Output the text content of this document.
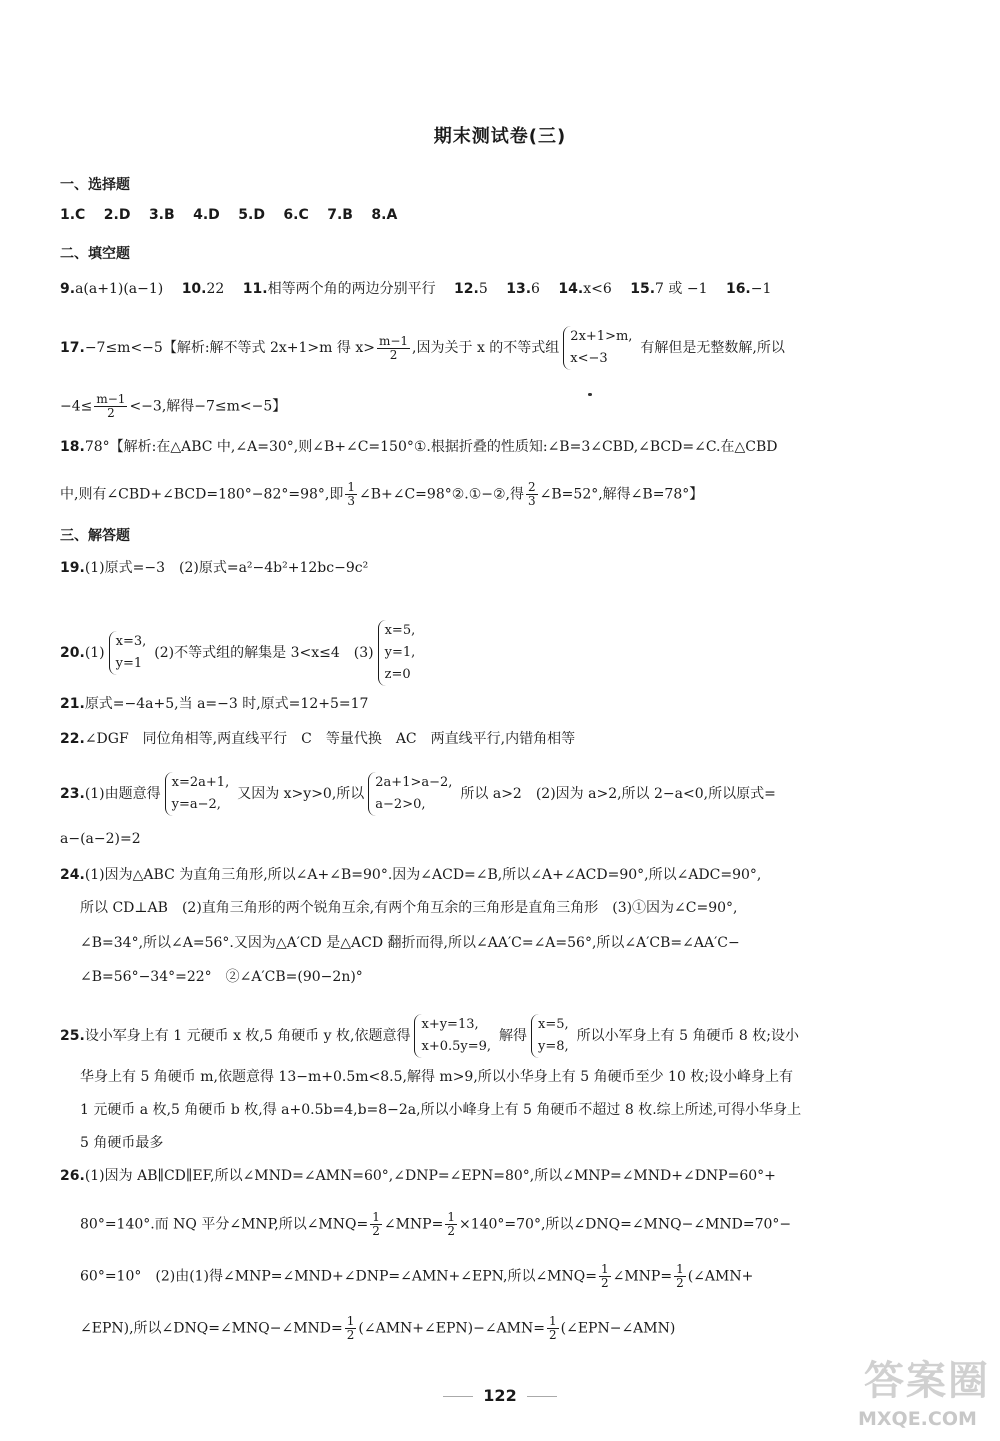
期末测试卷(三)
一、选择题
1.C 2.D 3.B 4.D 5.D 6.C 7.B 8.A
二、填空题
9.a(a+1)(a−1) 10.22 11.相等两个角的两边分别平行 12.5 13.6 14.x<6 15.7 或 −1 16.−1
17.−7≤m<−5【解析:解不等式 2x+1>m 得 $x> \frac{m-1}{2}$ ,因为关于 x 的不等式组
2x+1>m,
x<−3
有解但是无整数解,所以
$-4\le \frac{m-1}{2} <-3$,解得−7≤m<−5】
18.78°【解析:在△ABC 中,∠A=30°,则∠B+∠C=150°①.根据折叠的性质知:∠B=3∠CBD,∠BCD=∠C.在△CBD
中,则有∠CBD+∠BCD=180°−82°=98°,即 $\frac{1}{3}$ ∠B+∠C=98°②.①−②,得 $\frac{2}{3}$ ∠B=52°,解得∠B=78°】
三、解答题
19.(1)原式=−3　(2)原式=a²−4b²+12bc−9c²
20.(1)
x=3,
y=1
(2)不等式组的解集是 3<x≤4　(3)
x=5,
y=1,
z=0
21.原式=−4a+5,当 a=−3 时,原式=12+5=17
22.∠DGF　同位角相等,两直线平行　C　等量代换　AC　两直线平行,内错角相等
23.(1)由题意得
x=2a+1,
y=a−2,
又因为 x>y>0,所以
2a+1>a−2,
a−2>0,
所以 a>2　(2)因为 a>2,所以 2−a<0,所以原式=
a−(a−2)=2
24.(1)因为△ABC 为直角三角形,所以∠A+∠B=90°.因为∠ACD=∠B,所以∠A+∠ACD=90°,所以∠ADC=90°,
所以 CD⊥AB　(2)直角三角形的两个锐角互余,有两个角互余的三角形是直角三角形　(3)①因为∠C=90°,
∠B=34°,所以∠A=56°.又因为△A′CD 是△ACD 翻折而得,所以∠AA′C=∠A=56°,所以∠A′CB=∠AA′C−
∠B=56°−34°=22°　②∠A′CB=(90−2n)°
25.设小军身上有 1 元硬币 x 枚,5 角硬币 y 枚,依题意得
x+y=13,
x+0.5y=9,
解得
x=5,
y=8,
所以小军身上有 5 角硬币 8 枚;设小
华身上有 5 角硬币 m,依题意得 13−m+0.5m<8.5,解得 m>9,所以小华身上有 5 角硬币至少 10 枚;设小峰身上有
1 元硬币 a 枚,5 角硬币 b 枚,得 a+0.5b=4,b=8−2a,所以小峰身上有 5 角硬币不超过 8 枚.综上所述,可得小华身上
5 角硬币最多
26.(1)因为 AB∥CD∥EF,所以∠MND=∠AMN=60°,∠DNP=∠EPN=80°,所以∠MNP=∠MND+∠DNP=60°+
80°=140°.而 NQ 平分∠MNP,所以∠MNQ= $\frac{1}{2}$ ∠MNP= $\frac{1}{2} \times 140^\circ=70^\circ$,所以∠DNQ=∠MNQ−∠MND=70°−
60°=10°　(2)由(1)得∠MNP=∠MND+∠DNP=∠AMN+∠EPN,所以∠MNQ= $\frac{1}{2}$ ∠MNP= $\frac{1}{2}$ (∠AMN+
∠EPN),所以∠DNQ=∠MNQ−∠MND= $\frac{1}{2}$ (∠AMN+∠EPN)−∠AMN= $\frac{1}{2}$ (∠EPN−∠AMN)
122	答案圈
MXQE.COM
